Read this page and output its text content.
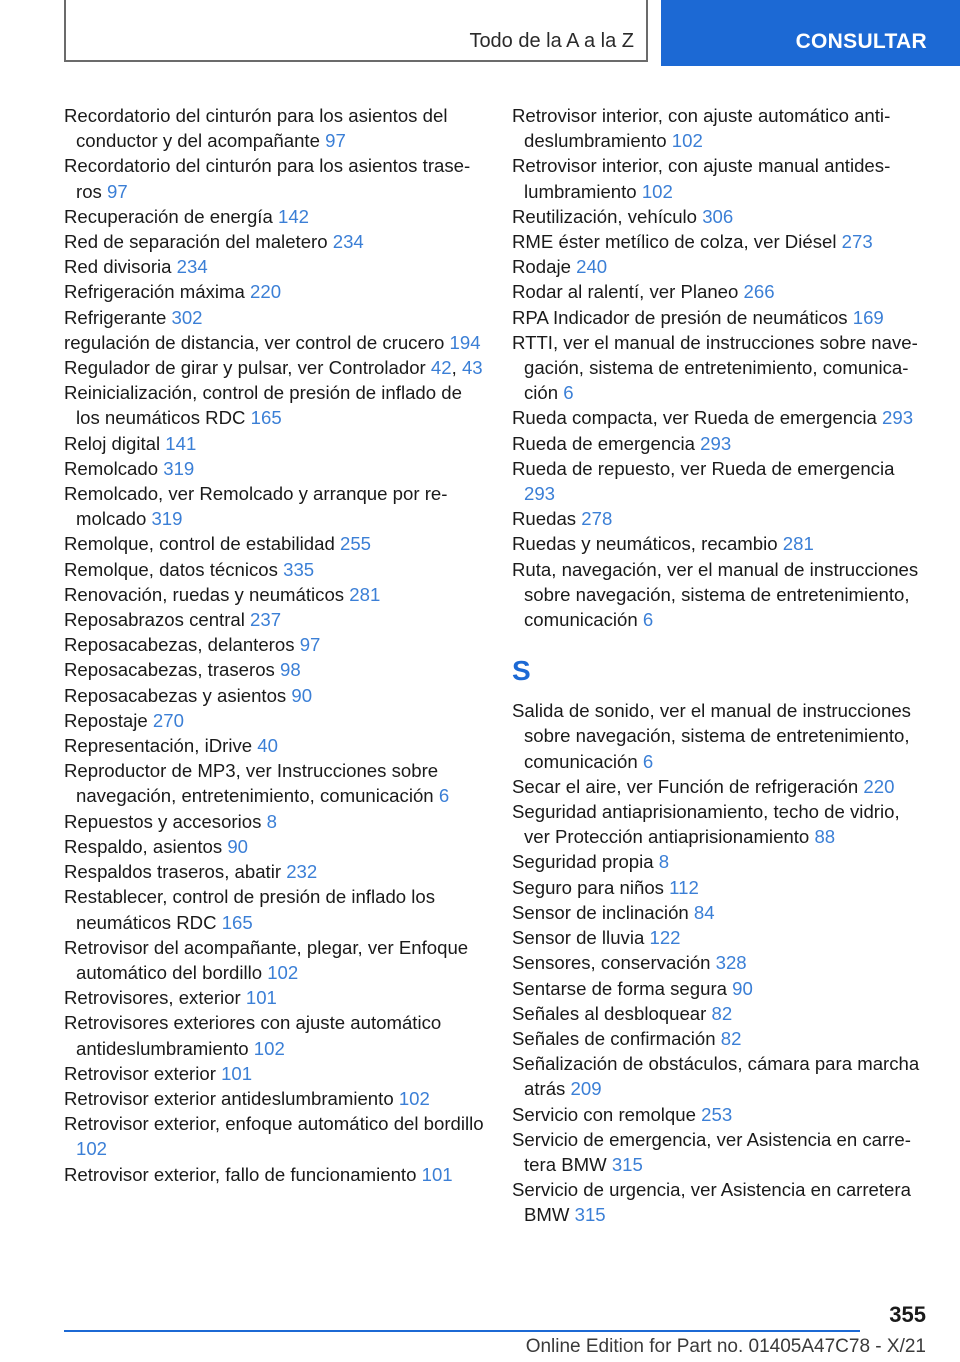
Todo de la A a la Z	CONSULTAR

Recordatorio del cinturón para los asientos del conductor y del acompañante 97

Recordatorio del cinturón para los asientos traseros 97

Recuperación de energía 142

Red de separación del maletero 234

Red divisoria 234

Refrigeración máxima 220

Refrigerante 302

regulación de distancia, ver control de crucero 194

Regulador de girar y pulsar, ver Controlador 42, 43

Reinicialización, control de presión de inflado de los neumáticos RDC 165

Reloj digital 141

Remolcado 319

Remolcado, ver Remolcado y arranque por remolcado 319

Remolque, control de estabilidad 255

Remolque, datos técnicos 335

Renovación, ruedas y neumáticos 281

Reposabrazos central 237

Reposacabezas, delanteros 97

Reposacabezas, traseros 98

Reposacabezas y asientos 90

Repostaje 270

Representación, iDrive 40

Reproductor de MP3, ver Instrucciones sobre navegación, entretenimiento, comunicación 6

Repuestos y accesorios 8

Respaldo, asientos 90

Respaldos traseros, abatir 232

Restablecer, control de presión de inflado los neumáticos RDC 165

Retrovisor del acompañante, plegar, ver Enfoque automático del bordillo 102

Retrovisores, exterior 101

Retrovisores exteriores con ajuste automático antideslumbramiento 102

Retrovisor exterior 101

Retrovisor exterior antideslumbramiento 102

Retrovisor exterior, enfoque automático del bordillo 102

Retrovisor exterior, fallo de funcionamiento 101

Retrovisor interior, con ajuste automático antideslumbramiento 102

Retrovisor interior, con ajuste manual antideslumbramiento 102

Reutilización, vehículo 306

RME éster metílico de colza, ver Diésel 273

Rodaje 240

Rodar al ralentí, ver Planeo 266

RPA Indicador de presión de neumáticos 169

RTTI, ver el manual de instrucciones sobre navegación, sistema de entretenimiento, comunicación 6

Rueda compacta, ver Rueda de emergencia 293

Rueda de emergencia 293

Rueda de repuesto, ver Rueda de emergencia 293

Ruedas 278

Ruedas y neumáticos, recambio 281

Ruta, navegación, ver el manual de instrucciones sobre navegación, sistema de entretenimiento, comunicación 6

S

Salida de sonido, ver el manual de instrucciones sobre navegación, sistema de entretenimiento, comunicación 6

Secar el aire, ver Función de refrigeración 220

Seguridad antiaprisionamiento, techo de vidrio, ver Protección antiaprisionamiento 88

Seguridad propia 8

Seguro para niños 112

Sensor de inclinación 84

Sensor de lluvia 122

Sensores, conservación 328

Sentarse de forma segura 90

Señales al desbloquear 82

Señales de confirmación 82

Señalización de obstáculos, cámara para marcha atrás 209

Servicio con remolque 253

Servicio de emergencia, ver Asistencia en carretera BMW 315

Servicio de urgencia, ver Asistencia en carretera BMW 315

355
Online Edition for Part no. 01405A47C78 - X/21
